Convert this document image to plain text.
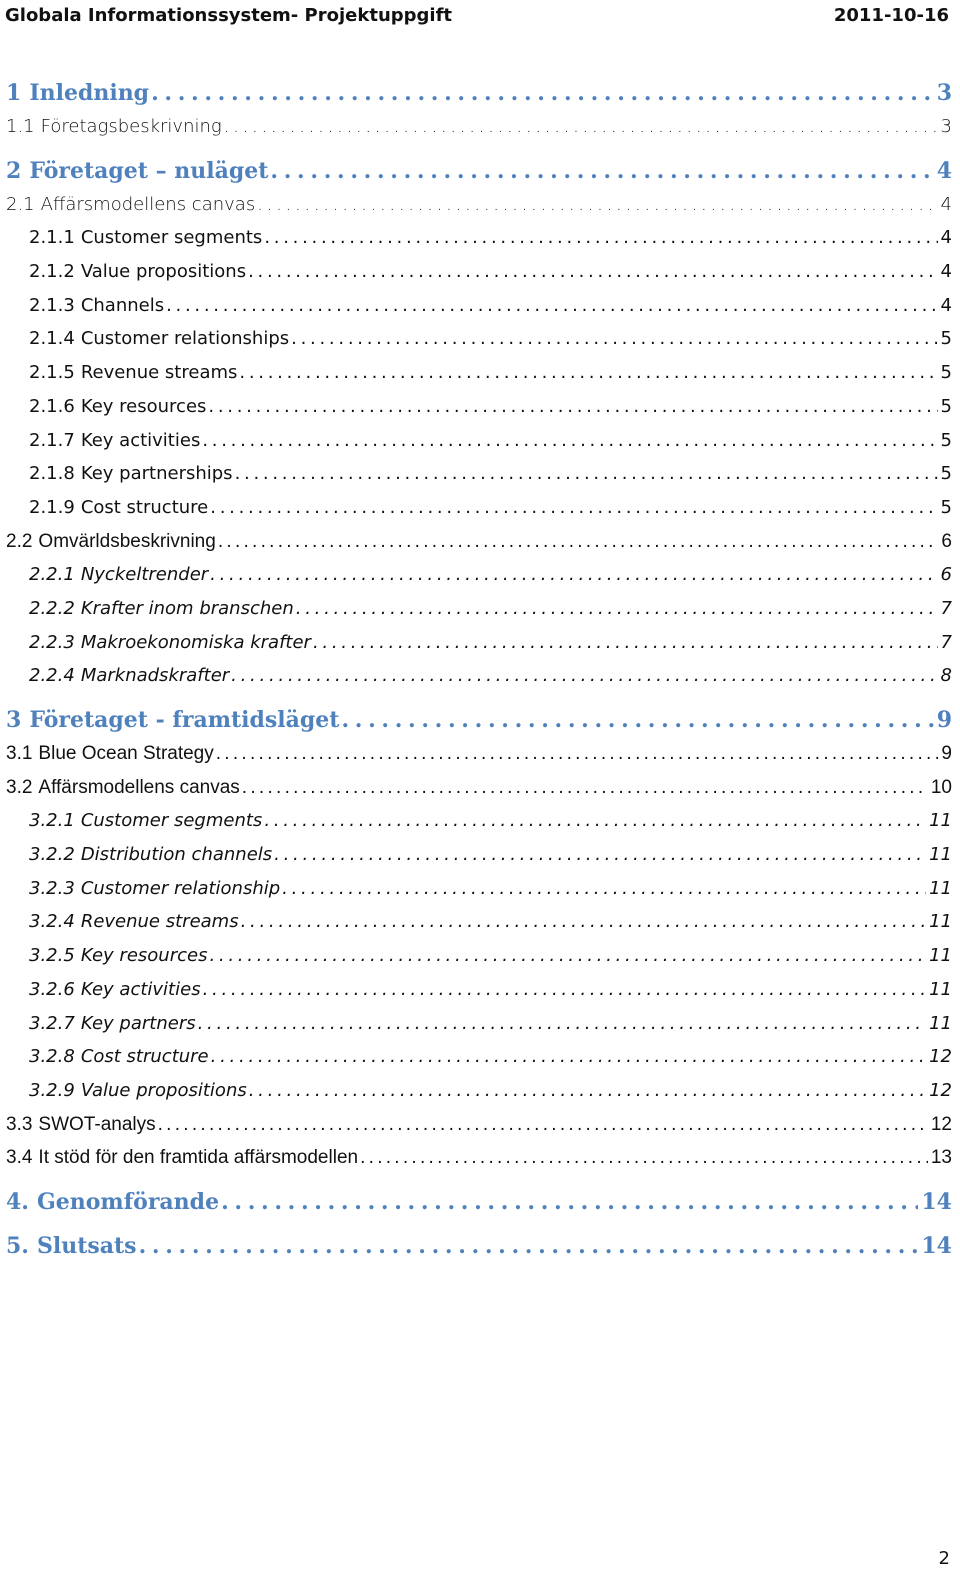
Globala Informationssystem- Projektuppgift	2011-10-16
1 Inledning . . .	3
1.1 Företagsbeskrivning . . .	3
2 Företaget – nuläget . . .	4
2.1 Affärsmodellens canvas . . .	4
2.1.1 Customer segments . . .	4
2.1.2 Value propositions . . .	4
2.1.3 Channels . . .	4
2.1.4 Customer relationships . . .	5
2.1.5 Revenue streams . . .	5
2.1.6 Key resources . . .	5
2.1.7 Key activities . . .	5
2.1.8 Key partnerships . . .	5
2.1.9 Cost structure . . .	5
2.2 Omvärldsbeskrivning . . .	6
2.2.1 Nyckeltrender . . .	6
2.2.2 Krafter inom branschen . . .	7
2.2.3 Makroekonomiska krafter . . .	7
2.2.4 Marknadskrafter . . .	8
3 Företaget - framtidsläget . . .	9
3.1 Blue Ocean Strategy . . .	9
3.2 Affärsmodellens canvas . . .	10
3.2.1 Customer segments . . .	11
3.2.2 Distribution channels . . .	11
3.2.3 Customer relationship . . .	11
3.2.4 Revenue streams . . .	11
3.2.5 Key resources . . .	11
3.2.6 Key activities . . .	11
3.2.7 Key partners . . .	11
3.2.8 Cost structure . . .	12
3.2.9 Value propositions . . .	12
3.3 SWOT-analys . . .	12
3.4 It stöd för den framtida affärsmodellen . . .	13
4. Genomförande . . .	14
5. Slutsats . . .	14
2
